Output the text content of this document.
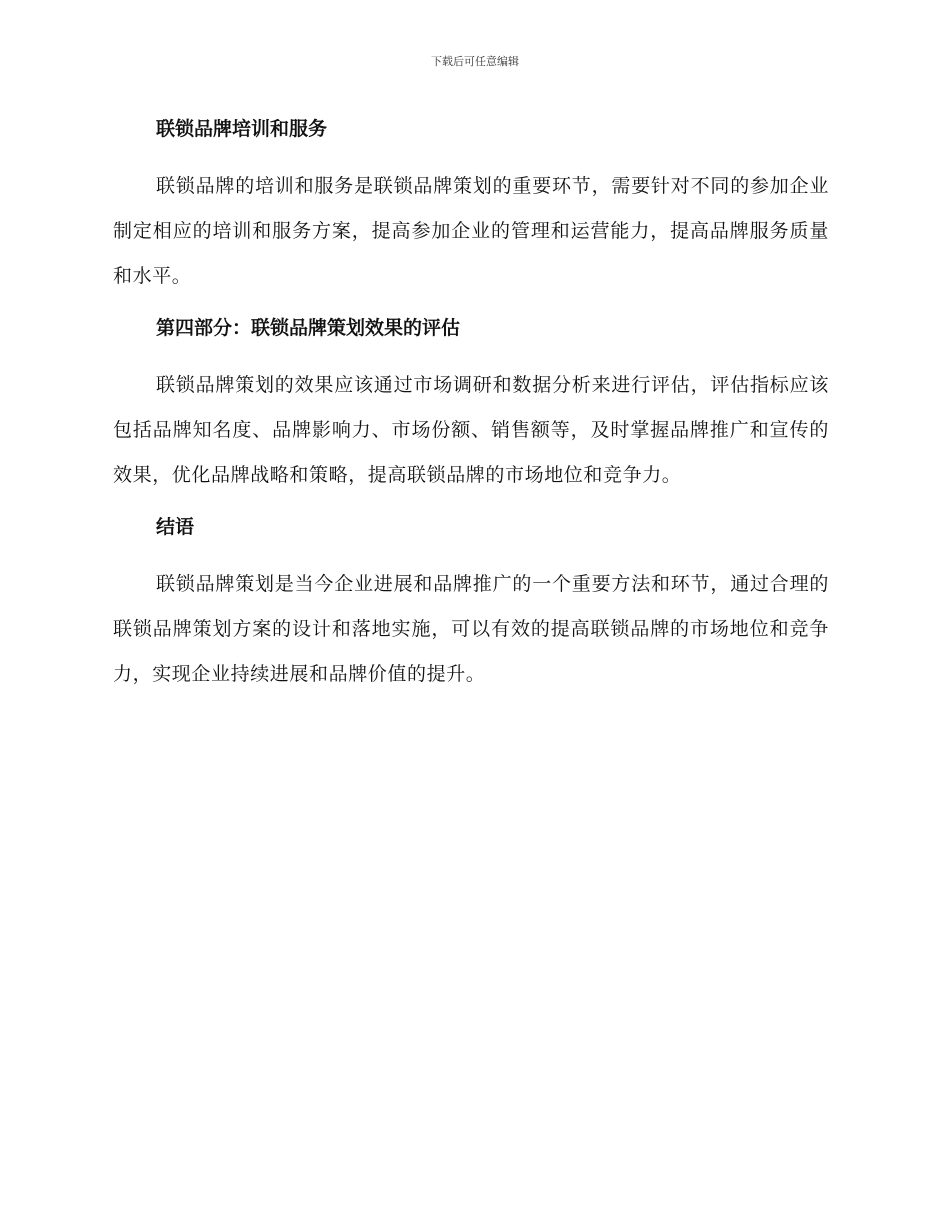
下载后可任意编辑
联锁品牌培训和服务

联锁品牌的培训和服务是联锁品牌策划的重要环节，需要针对不同的参加企业制定相应的培训和服务方案，提高参加企业的管理和运营能力，提高品牌服务质量和水平。

第四部分：联锁品牌策划效果的评估

联锁品牌策划的效果应该通过市场调研和数据分析来进行评估，评估指标应该包括品牌知名度、品牌影响力、市场份额、销售额等，及时掌握品牌推广和宣传的效果，优化品牌战略和策略，提高联锁品牌的市场地位和竞争力。

结语

联锁品牌策划是当今企业进展和品牌推广的一个重要方法和环节，通过合理的联锁品牌策划方案的设计和落地实施，可以有效的提高联锁品牌的市场地位和竞争力，实现企业持续进展和品牌价值的提升。
